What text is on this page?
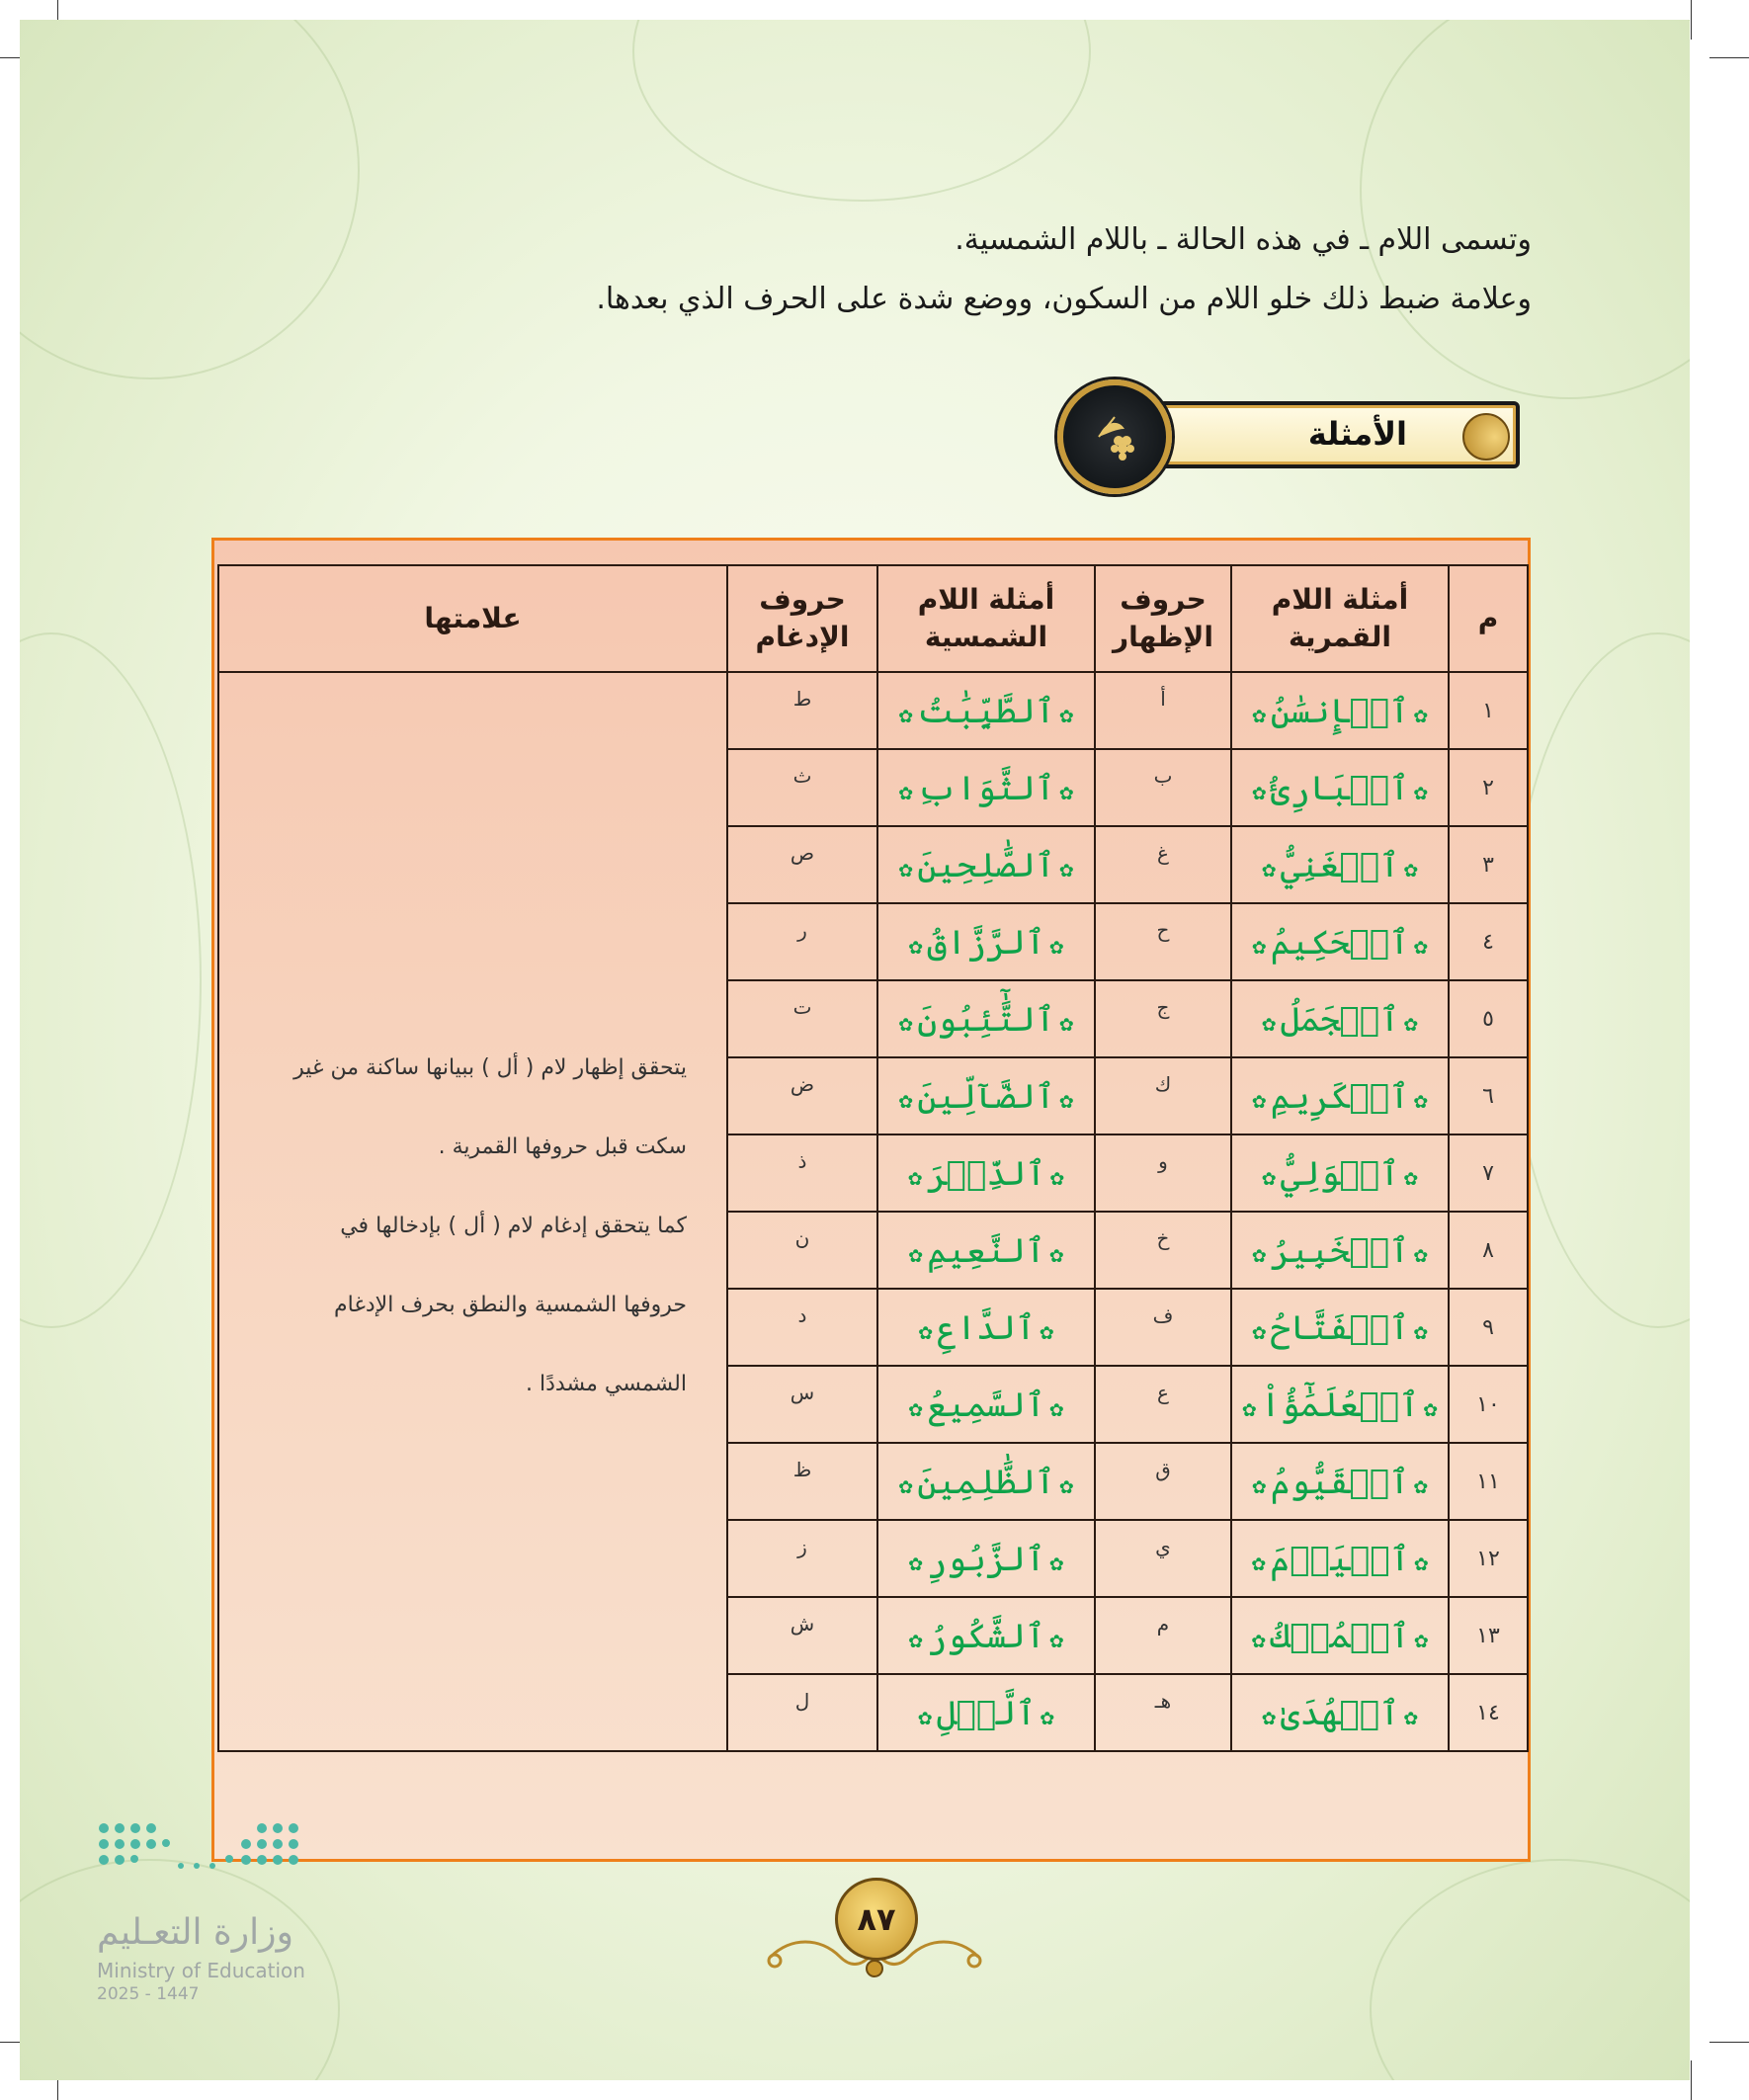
وتسمى اللام ـ في هذه الحالة ـ باللام الشمسية.
وعلامة ضبط ذلك خلو اللام من السكون، ووضع شدة على الحرف الذي بعدها.
الأمثلة
م	أمثلة اللام القمرية	حروف الإظهار	أمثلة اللام الشمسية	حروف الإدغام	علامتها
١	✿ٱلۡإِنسَٰنُ✿	أ	✿ٱلطَّيِّبَٰتُ✿	ط	يتحقق إظهار لام ( أل ) ببيانها ساكنة من غير
سكت قبل حروفها القمرية .
كما يتحقق إدغام لام ( أل ) بإدخالها في
حروفها الشمسية والنطق بحرف الإدغام
الشمسي مشددًا .

٢	✿ٱلۡبَارِئُ✿	ب	✿ٱلثَّوَابِ✿	ث	
٣	✿ٱلۡغَنِيُّ✿	غ	✿ٱلصَّٰلِحِينَ✿	ص	
٤	✿ٱلۡحَكِيمُ✿	ح	✿ٱلرَّزَّاقُ✿	ر	
٥	✿ٱلۡجَمَلُ✿	ج	✿ٱلتَّٰٓئِبُونَ✿	ت	
٦	✿ٱلۡكَرِيمِ✿	ك	✿ٱلضَّآلِّينَ✿	ض	
٧	✿ٱلۡوَلِيُّ✿	و	✿ٱلذِّكۡرَ✿	ذ	
٨	✿ٱلۡخَبِيرُ✿	خ	✿ٱلنَّعِيمِ✿	ن	
٩	✿ٱلۡفَتَّاحُ✿	ف	✿ٱلدَّاعِ✿	د	
١٠	✿ٱلۡعُلَمَٰٓؤُاْ✿	ع	✿ٱلسَّمِيعُ✿	س	
١١	✿ٱلۡقَيُّومُ✿	ق	✿ٱلظَّٰلِمِينَ✿	ظ	
١٢	✿ٱلۡيَوۡمَ✿	ي	✿ٱلزَّبُورِ✿	ز	
١٣	✿ٱلۡمُلۡكُ✿	م	✿ٱلشَّكُورُ✿	ش	
١٤	✿ٱلۡهُدَىٰ✿	هـ	✿ٱلَّيۡلِ✿	ل	
وزارة التعـليم
Ministry of Education
2025 - 1447
٨٧
